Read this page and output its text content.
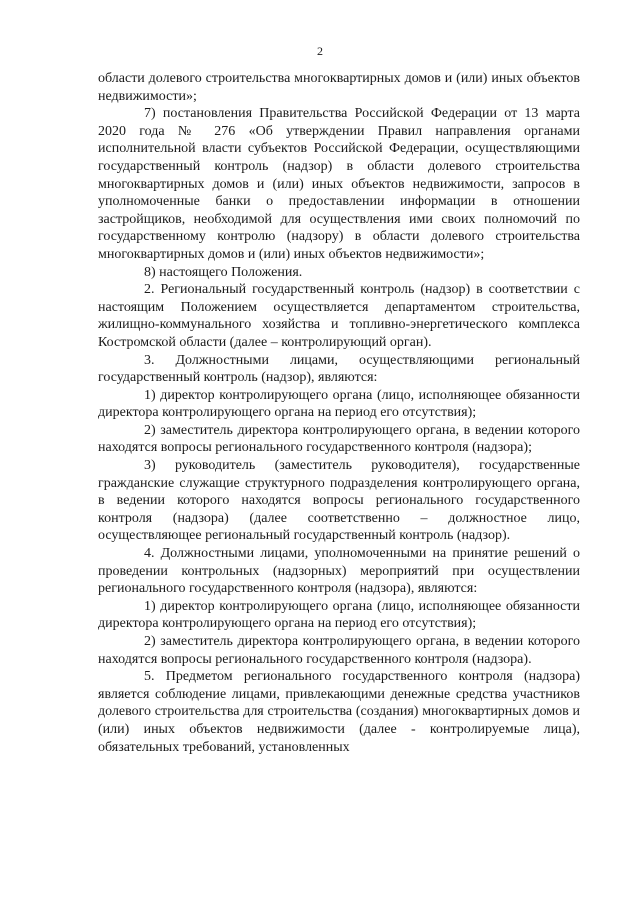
2

области долевого строительства многоквартирных домов и (или) иных объектов недвижимости»;

7) постановления Правительства Российской Федерации от 13 марта 2020 года № 276 «Об утверждении Правил направления органами исполнительной власти субъектов Российской Федерации, осуществляющими государственный контроль (надзор) в области долевого строительства многоквартирных домов и (или) иных объектов недвижимости, запросов в уполномоченные банки о предоставлении информации в отношении застройщиков, необходимой для осуществления ими своих полномочий по государственному контролю (надзору) в области долевого строительства многоквартирных домов и (или) иных объектов недвижимости»;

8) настоящего Положения.

2. Региональный государственный контроль (надзор) в соответствии с настоящим Положением осуществляется департаментом строительства, жилищно-коммунального хозяйства и топливно-энергетического комплекса Костромской области (далее – контролирующий орган).

3. Должностными лицами, осуществляющими региональный государственный контроль (надзор), являются:

1) директор контролирующего органа (лицо, исполняющее обязанности директора контролирующего органа на период его отсутствия);

2) заместитель директора контролирующего органа, в ведении которого находятся вопросы регионального государственного контроля (надзора);

3) руководитель (заместитель руководителя), государственные гражданские служащие структурного подразделения контролирующего органа, в ведении которого находятся вопросы регионального государственного контроля (надзора) (далее соответственно – должностное лицо, осуществляющее региональный государственный контроль (надзор).

4. Должностными лицами, уполномоченными на принятие решений о проведении контрольных (надзорных) мероприятий при осуществлении регионального государственного контроля (надзора), являются:

1) директор контролирующего органа (лицо, исполняющее обязанности директора контролирующего органа на период его отсутствия);

2) заместитель директора контролирующего органа, в ведении которого находятся вопросы регионального государственного контроля (надзора).

5. Предметом регионального государственного контроля (надзора) является соблюдение лицами, привлекающими денежные средства участников долевого строительства для строительства (создания) многоквартирных домов и (или) иных объектов недвижимости (далее - контролируемые лица), обязательных требований, установленных
